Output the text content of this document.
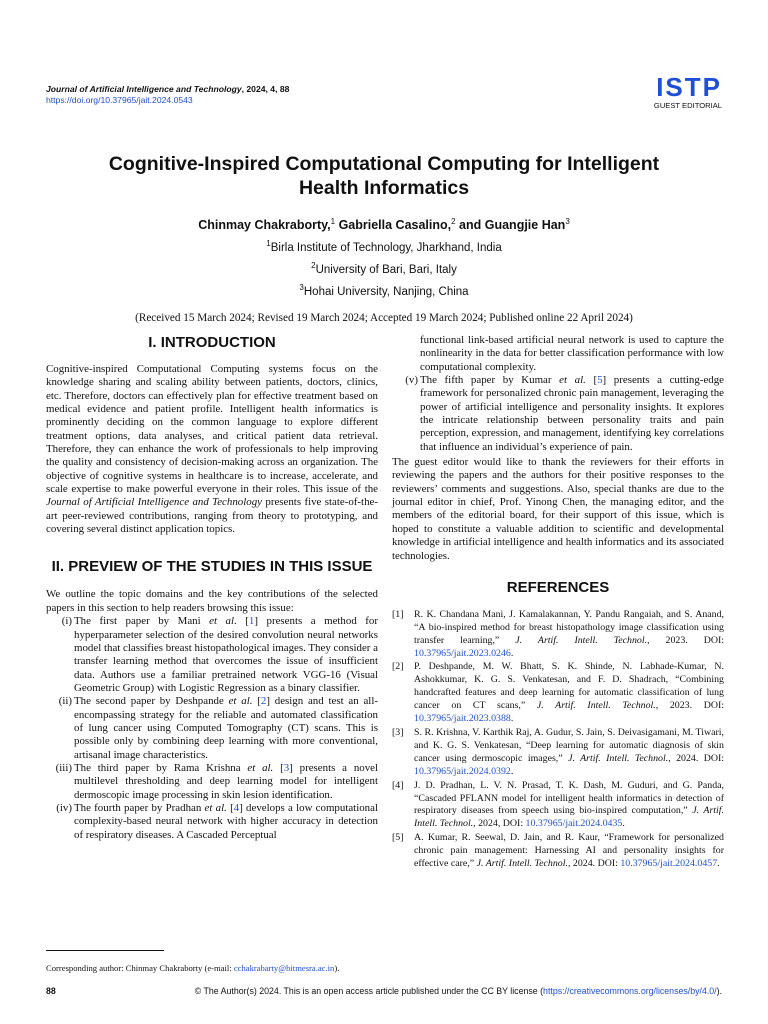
Journal of Artificial Intelligence and Technology, 2024, 4, 88
https://doi.org/10.37965/jait.2024.0543	ISTP
GUEST EDITORIAL
Cognitive-Inspired Computational Computing for Intelligent Health Informatics
Chinmay Chakraborty,$^1$ Gabriella Casalino,$^2$ and Guangjie Han$^3$
$^1$Birla Institute of Technology, Jharkhand, India
$^2$University of Bari, Bari, Italy
$^3$Hohai University, Nanjing, China
(Received 15 March 2024; Revised 19 March 2024; Accepted 19 March 2024; Published online 22 April 2024)
I. INTRODUCTION

Cognitive-inspired Computational Computing systems focus on the knowledge sharing and scaling ability between patients, doctors, clinics, etc. Therefore, doctors can effectively plan for effective treatment based on medical evidence and patient profile. Intelligent health informatics is prominently deciding on the common language to explore different treatment options, data analyses, and critical patient data retrieval. Therefore, they can enhance the work of professionals to help improving the quality and consistency of decision-making across an organization. The objective of cognitive systems in healthcare is to increase, accelerate, and scale expertise to make powerful everyone in their roles. This issue of the Journal of Artificial Intelligence and Technology presents five state-of-the-art peer-reviewed contributions, ranging from theory to prototyping, and covering several distinct application topics.

II. PREVIEW OF THE STUDIES IN THIS ISSUE

We outline the topic domains and the key contributions of the selected papers in this section to help readers browsing this issue:

(i) The first paper by Mani et al. [1] presents a method for hyperparameter selection of the desired convolution neural networks model that classifies breast histopathological images. They consider a transfer learning method that overcomes the issue of insufficient data. Authors use a familiar pretrained network VGG-16 (Visual Geometric Group) with Logistic Regression as a binary classifier.
(ii) The second paper by Deshpande et al. [2] design and test an all-encompassing strategy for the reliable and automated classification of lung cancer using Computed Tomography (CT) scans. This is possible only by combining deep learning with more conventional, artisanal image characteristics.
(iii) The third paper by Rama Krishna et al. [3] presents a novel multilevel thresholding and deep learning model for intelligent dermoscopic image processing in skin lesion identification.
(iv) The fourth paper by Pradhan et al. [4] develops a low computational complexity-based neural network with higher accuracy in detection of respiratory diseases. A Cascaded Perceptual
functional link-based artificial neural network is used to capture the nonlinearity in the data for better classification performance with low computational complexity.
(v) The fifth paper by Kumar et al. [5] presents a cutting-edge framework for personalized chronic pain management, leveraging the power of artificial intelligence and personality insights. It explores the intricate relationship between personality traits and pain perception, expression, and management, identifying key correlations that influence an individual’s experience of pain.

The guest editor would like to thank the reviewers for their efforts in reviewing the papers and the authors for their positive responses to the reviewers’ comments and suggestions. Also, special thanks are due to the journal editor in chief, Prof. Yinong Chen, the managing editor, and the members of the editorial board, for their support of this issue, which is hoped to constitute a valuable addition to scientific and developmental knowledge in artificial intelligence and health informatics and its associated technologies.

REFERENCES
[1]	R. K. Chandana Mani, J. Kamalakannan, Y. Pandu Rangaiah, and S. Anand, “A bio-inspired method for breast histopathology image classification using transfer learning,” J. Artif. Intell. Technol., 2023. DOI: 10.37965/jait.2023.0246.
[2]	P. Deshpande, M. W. Bhatt, S. K. Shinde, N. Labhade-Kumar, N. Ashokkumar, K. G. S. Venkatesan, and F. D. Shadrach, “Combining handcrafted features and deep learning for automatic classification of lung cancer on CT scans,” J. Artif. Intell. Technol., 2023. DOI: 10.37965/jait.2023.0388.
[3]	S. R. Krishna, V. Karthik Raj, A. Gudur, S. Jain, S. Deivasigamani, M. Tiwari, and K. G. S. Venkatesan, “Deep learning for automatic diagnosis of skin cancer using dermoscopic images,” J. Artif. Intell. Technol., 2024. DOI: 10.37965/jait.2024.0392.
[4]	J. D. Pradhan, L. V. N. Prasad, T. K. Dash, M. Guduri, and G. Panda, “Cascaded PFLANN model for intelligent health informatics in detection of respiratory diseases from speech using bio-inspired computation,” J. Artif. Intell. Technol., 2024, DOI: 10.37965/jait.2024.0435.
[5]	A. Kumar, R. Seewal, D. Jain, and R. Kaur, “Framework for personalized chronic pain management: Harnessing AI and personality insights for effective care,” J. Artif. Intell. Technol., 2024. DOI: 10.37965/jait.2024.0457.
Corresponding author: Chinmay Chakraborty (e-mail: cchakrabarty@bitmesra.ac.in).
88	© The Author(s) 2024. This is an open access article published under the CC BY license (https://creativecommons.org/licenses/by/4.0/).
